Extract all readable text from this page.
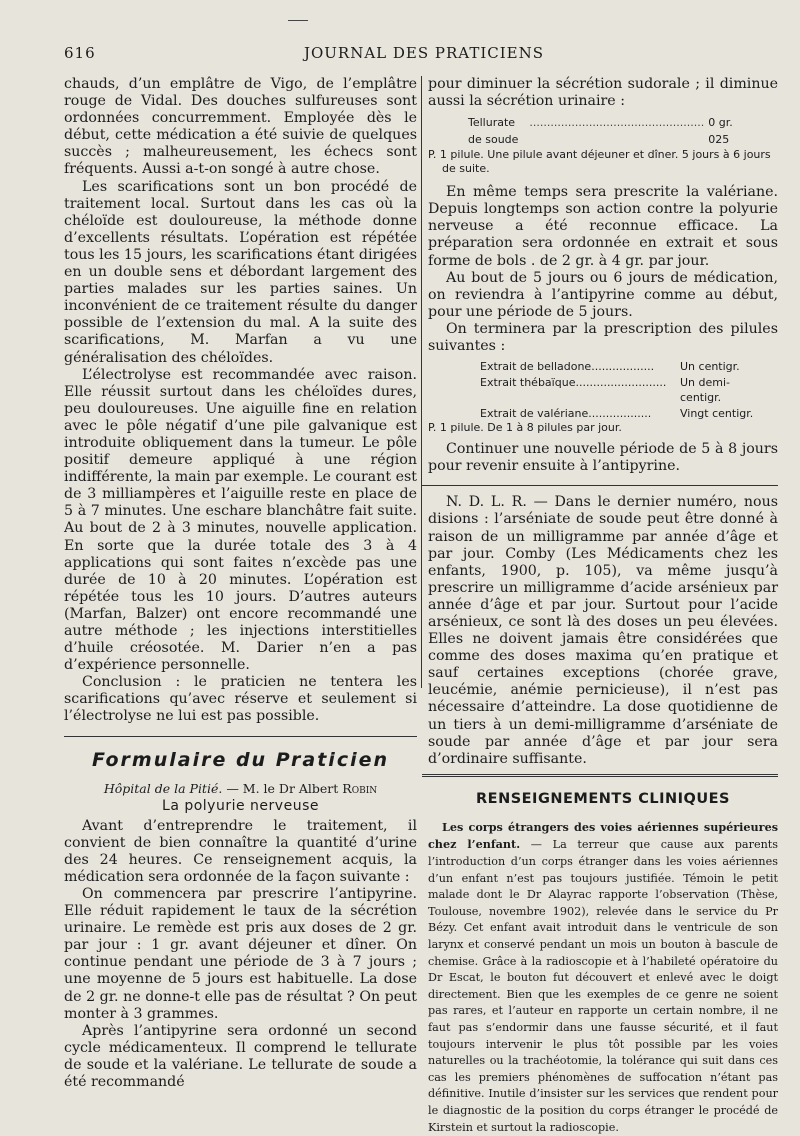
616	JOURNAL DES PRATICIENS

chauds, d’un emplâtre de Vigo, de l’emplâtre rouge de Vidal. Des douches sulfureuses sont ordonnées concurremment. Employée dès le début, cette médication a été suivie de quelques succès ; malheureusement, les échecs sont fréquents. Aussi a-t-on songé à autre chose.

Les scarifications sont un bon procédé de traitement local. Surtout dans les cas où la chéloïde est douloureuse, la méthode donne d’excellents résultats. L’opération est répétée tous les 15 jours, les scarifications étant dirigées en un double sens et débordant largement des parties malades sur les parties saines. Un inconvénient de ce traitement résulte du danger possible de l’extension du mal. A la suite des scarifications, M. Marfan a vu une généralisation des chéloïdes.

L’électrolyse est recommandée avec raison. Elle réussit surtout dans les chéloïdes dures, peu douloureuses. Une aiguille fine en relation avec le pôle négatif d’une pile galvanique est introduite obliquement dans la tumeur. Le pôle positif demeure appliqué à une région indifférente, la main par exemple. Le courant est de 3 milliampères et l’aiguille reste en place de 5 à 7 minutes. Une eschare blanchâtre fait suite. Au bout de 2 à 3 minutes, nouvelle application. En sorte que la durée totale des 3 à 4 applications qui sont faites n’excède pas une durée de 10 à 20 minutes. L’opération est répétée tous les 10 jours. D’autres auteurs (Marfan, Balzer) ont encore recommandé une autre méthode ; les injections interstitielles d’huile créosotée. M. Darier n’en a pas d’expérience personnelle.

Conclusion : le praticien ne tentera les scarifications qu’avec réserve et seulement si l’électrolyse ne lui est pas possible.

Formulaire du Praticien
Hôpital de la Pitié. — M. le Dr Albert Robin
La polyurie nerveuse

Avant d’entreprendre le traitement, il convient de bien connaître la quantité d’urine des 24 heures. Ce renseignement acquis, la médication sera ordonnée de la façon suivante :

On commencera par prescrire l’antipyrine. Elle réduit rapidement le taux de la sécrétion urinaire. Le remède est pris aux doses de 2 gr. par jour : 1 gr. avant déjeuner et dîner. On continue pendant une période de 3 à 7 jours ; une moyenne de 5 jours est habituelle. La dose de 2 gr. ne donne-t elle pas de résultat ? On peut monter à 3 grammes.

Après l’antipyrine sera ordonné un second cycle médicamenteux. Il comprend le tellurate de soude et la valériane. Le tellurate de soude a été recommandé

pour diminuer la sécrétion sudorale ; il diminue aussi la sécrétion urinaire :

Tellurate de soude
.................................................. 0 gr. 025

P. 1 pilule. Une pilule avant déjeuner et dîner. 5 jours à 6 jours de suite.

En même temps sera prescrite la valériane. Depuis longtemps son action contre la polyurie nerveuse a été reconnue efficace. La préparation sera ordonnée en extrait et sous forme de bols . de 2 gr. à 4 gr. par jour.

Au bout de 5 jours ou 6 jours de médication, on reviendra à l’antipyrine comme au début, pour une période de 5 jours.

On terminera par la prescription des pilules suivantes :

Extrait de belladone..................	Un centigr.
Extrait thébaïque..........................	Un demi-centigr.
Extrait de valériane..................	Vingt centigr.

P. 1 pilule. De 1 à 8 pilules par jour.

Continuer une nouvelle période de 5 à 8 jours pour revenir ensuite à l’antipyrine.

N. D. L. R. — Dans le dernier numéro, nous disions : l’arséniate de soude peut être donné à raison de un milligramme par année d’âge et par jour. Comby (Les Médicaments chez les enfants, 1900, p. 105), va même jusqu’à prescrire un milligramme d’acide arsénieux par année d’âge et par jour. Surtout pour l’acide arsénieux, ce sont là des doses un peu élevées. Elles ne doivent jamais être considérées que comme des doses maxima qu’en pratique et sauf certaines exceptions (chorée grave, leucémie, anémie pernicieuse), il n’est pas nécessaire d’atteindre. La dose quotidienne de un tiers à un demi-milligramme d’arséniate de soude par année d’âge et par jour sera d’ordinaire suffisante.

RENSEIGNEMENTS CLINIQUES

Les corps étrangers des voies aériennes supérieures chez l’enfant. — La terreur que cause aux parents l’introduction d’un corps étranger dans les voies aériennes d’un enfant n’est pas toujours justifiée. Témoin le petit malade dont le Dr Alayrac rapporte l’observation (Thèse, Toulouse, novembre 1902), relevée dans le service du Pr Bézy. Cet enfant avait introduit dans le ventricule de son larynx et conservé pendant un mois un bouton à bascule de chemise. Grâce à la radioscopie et à l’habileté opératoire du Dr Escat, le bouton fut découvert et enlevé avec le doigt directement. Bien que les exemples de ce genre ne soient pas rares, et l’auteur en rapporte un certain nombre, il ne faut pas s’endormir dans une fausse sécurité, et il faut toujours intervenir le plus tôt possible par les voies naturelles ou la trachéotomie, la tolérance qui suit dans ces cas les premiers phénomènes de suffocation n’étant pas définitive. Inutile d’insister sur les services que rendent pour le diagnostic de la position du corps étranger le procédé de Kirstein et surtout la radioscopie.
